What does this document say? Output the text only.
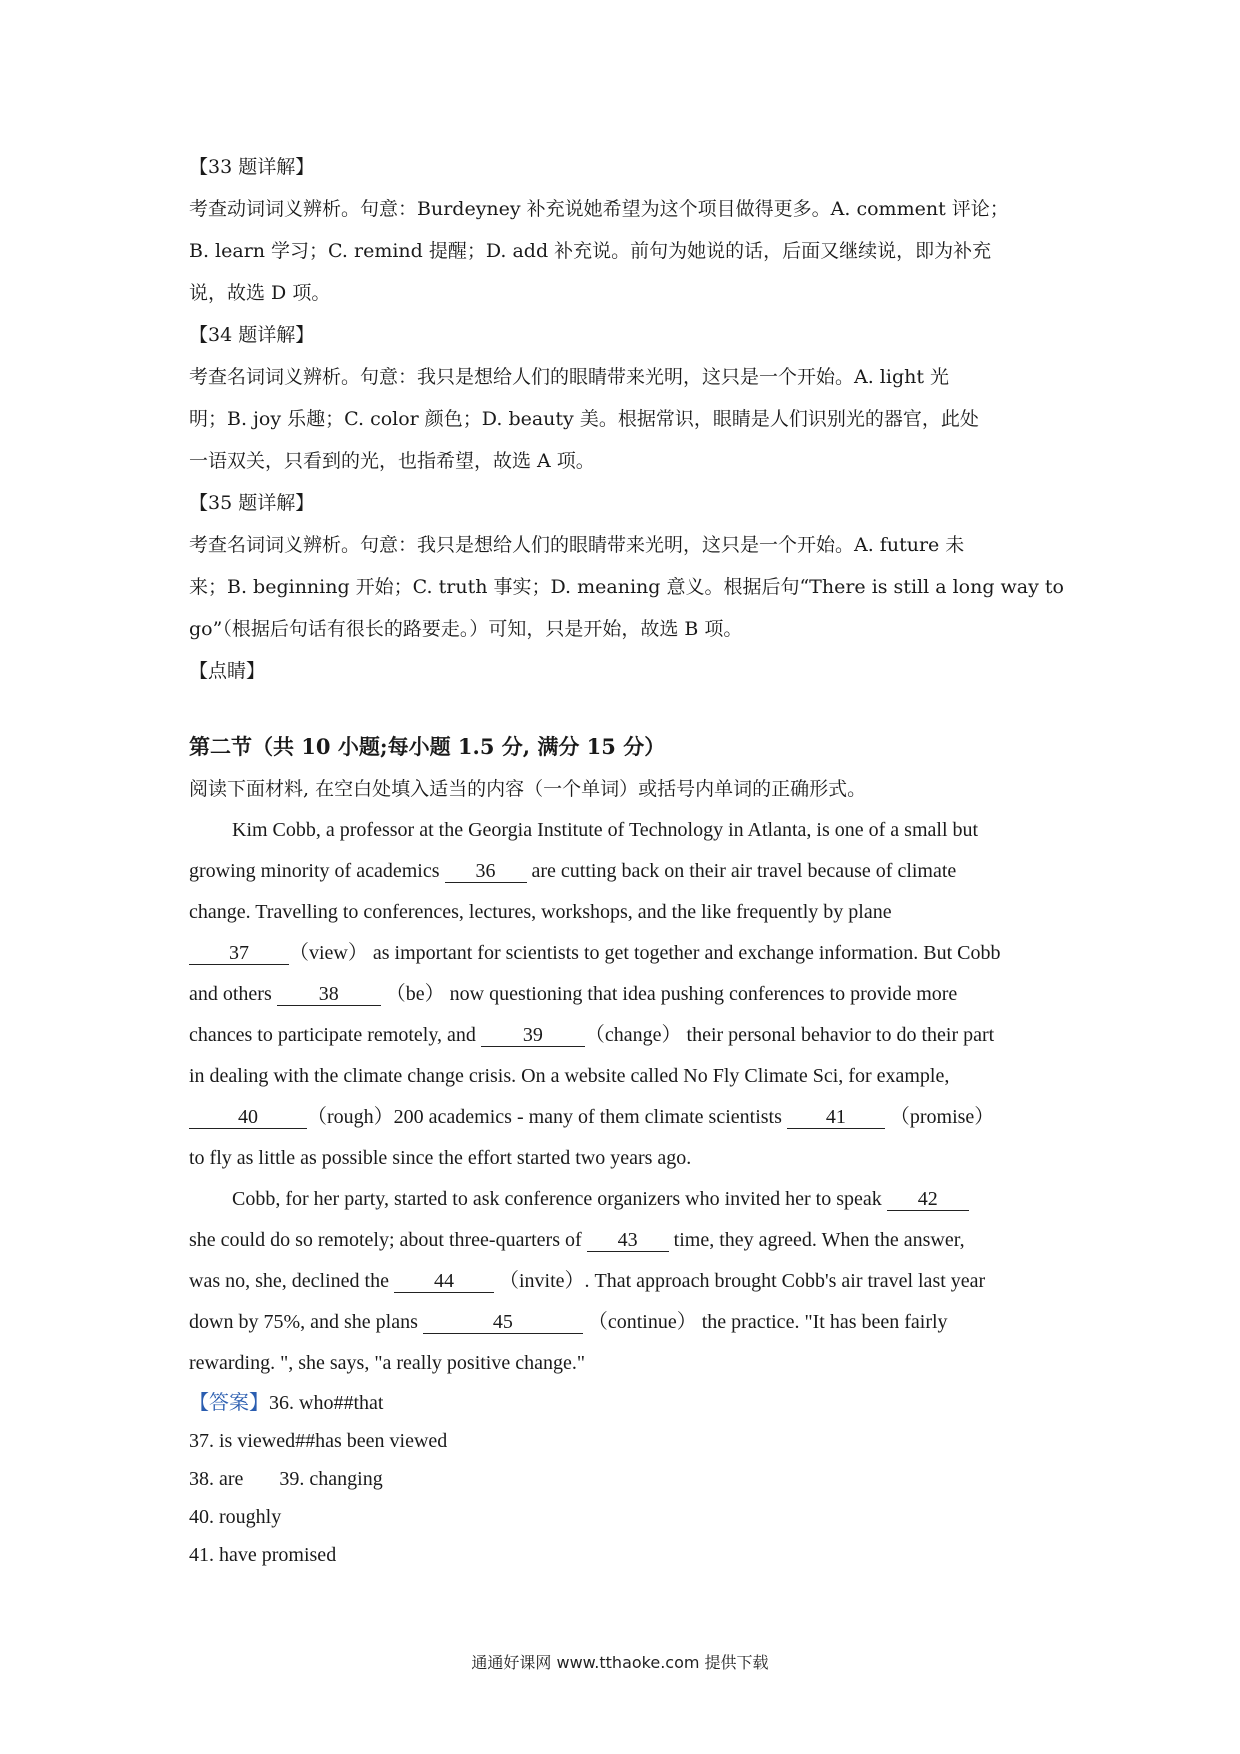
【33 题详解】
考查动词词义辨析。句意：Burdeyney 补充说她希望为这个项目做得更多。A. comment 评论；
B. learn 学习；C. remind 提醒；D. add 补充说。前句为她说的话，后面又继续说，即为补充
说，故选 D 项。
【34 题详解】
考查名词词义辨析。句意：我只是想给人们的眼睛带来光明，这只是一个开始。A. light 光
明；B. joy 乐趣；C. color 颜色；D. beauty 美。根据常识，眼睛是人们识别光的器官，此处
一语双关，只看到的光，也指希望，故选 A 项。
【35 题详解】
考查名词词义辨析。句意：我只是想给人们的眼睛带来光明，这只是一个开始。A. future 未
来；B. beginning 开始；C. truth 事实；D. meaning 意义。根据后句“There is still a long way to
go”（根据后句话有很长的路要走。）可知，只是开始，故选 B 项。
【点睛】
第二节（共 10 小题;每小题 1.5 分, 满分 15 分）
阅读下面材料, 在空白处填入适当的内容（一个单词）或括号内单词的正确形式。
Kim Cobb, a professor at the Georgia Institute of Technology in Atlanta, is one of a small but
growing minority of academics 36 are cutting back on their air travel because of climate
change. Travelling to conferences, lectures, workshops, and the like frequently by plane
37 （view） as important for scientists to get together and exchange information. But Cobb
and others 38 （be） now questioning that idea pushing conferences to provide more
chances to participate remotely, and 39 （change） their personal behavior to do their part
in dealing with the climate change crisis. On a website called No Fly Climate Sci, for example,
40 （rough）200 academics - many of them climate scientists 41 （promise）
to fly as little as possible since the effort started two years ago.
Cobb, for her party, started to ask conference organizers who invited her to speak 42
she could do so remotely; about three-quarters of 43 time, they agreed. When the answer,
was no, she, declined the 44 （invite）. That approach brought Cobb's air travel last year
down by 75%, and she plans	45	（continue） the practice. "It has been fairly
rewarding. ", she says, "a really positive change."
【答案】36. who##that
37. is viewed##has been viewed
38. are 39. changing
40. roughly
41. have promised
通通好课网 www.tthaoke.com 提供下载
